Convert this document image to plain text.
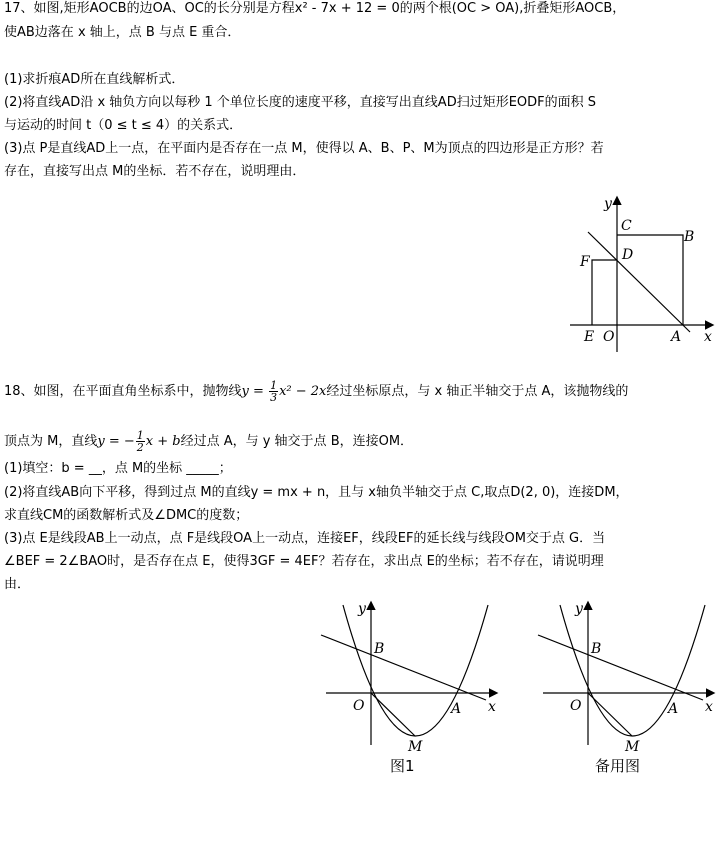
17、如图,矩形AOCB的边OA、OC的长分别是方程x² - 7x + 12 = 0的两个根(OC > OA),折叠矩形AOCB，
使AB边落在 x 轴上，点 B 与点 E 重合．
(1)求折痕AD所在直线解析式．
(2)将直线AD沿 x 轴负方向以每秒 1 个单位长度的速度平移，直接写出直线AD扫过矩形EODF的面积 S
与运动的时间 t（0 ≤ t ≤ 4）的关系式．
(3)点 P是直线AD上一点，在平面内是否存在一点 M，使得以 A、B、P、M为顶点的四边形是正方形？若
存在，直接写出点 M的坐标．若不存在，说明理由．
y
x
C
B
D
F
E O	A
18、如图，在平面直角坐标系中，抛物线$y = \frac{1}{3} x^2 - 2x$经过坐标原点，与 x 轴正半轴交于点 A，该抛物线的
顶点为 M，直线y = − $\frac{1}{2}$ x + b经过点 A，与 y 轴交于点 B，连接OM．
(1)填空：b = __，点 M的坐标 _____；
(2)将直线AB向下平移，得到过点 M的直线y = mx + n，且与 x轴负半轴交于点 C,取点D(2, 0)，连接DM，
求直线CM的函数解析式及∠DMC的度数；
(3)点 E是线段AB上一动点，点 F是线段OA上一动点，连接EF，线段EF的延长线与线段OM交于点 G．当
∠BEF = 2∠BAO时，是否存在点 E，使得3GF = 4EF？若存在，求出点 E的坐标；若不存在，请说明理
由．
y
x
B
O	A
M
图1
y
x
B
O	A
M
备用图
